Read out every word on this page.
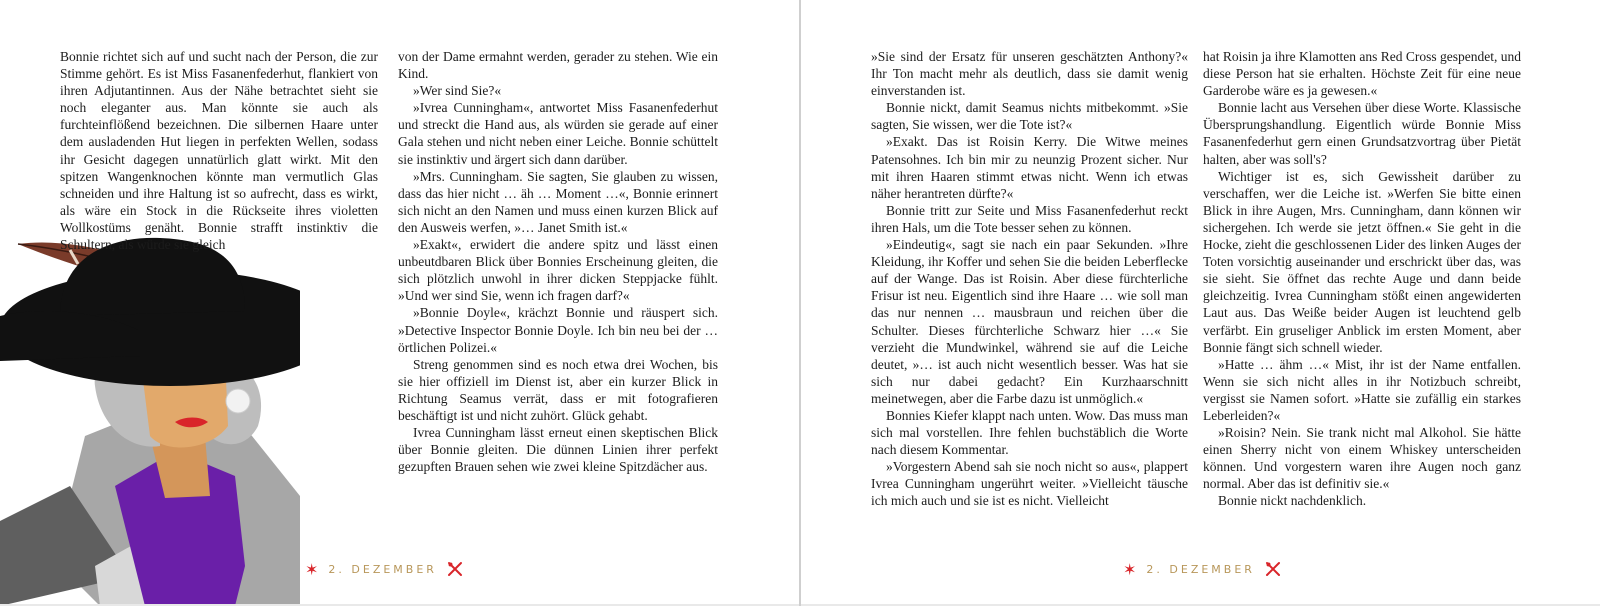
Bonnie richtet sich auf und sucht nach der Person, die zur Stimme gehört. Es ist Miss Fasanenfederhut, flankiert von ihren Adjutantinnen. Aus der Nähe betrachtet sieht sie noch eleganter aus. Man könnte sie auch als furchteinflößend bezeichnen. Die silbernen Haare unter dem ausladenden Hut liegen in perfekten Wellen, sodass ihr Gesicht dagegen unnatürlich glatt wirkt. Mit den spitzen Wangenknochen könnte man vermutlich Glas schneiden und ihre Haltung ist so aufrecht, dass es wirkt, als wäre ein Stock in die Rückseite ihres violetten Wollkostüms genäht. Bonnie strafft instinktiv die Schultern, als würde sie gleich

von der Dame ermahnt werden, gerader zu stehen. Wie ein Kind.

»Wer sind Sie?«

»Ivrea Cunningham«, antwortet Miss Fasanenfederhut und streckt die Hand aus, als würden sie gerade auf einer Gala stehen und nicht neben einer Leiche. Bonnie schüttelt sie instinktiv und ärgert sich dann darüber.

»Mrs. Cunningham. Sie sagten, Sie glauben zu wissen, dass das hier nicht … äh … Moment …«, Bonnie erinnert sich nicht an den Namen und muss einen kurzen Blick auf den Ausweis werfen, »… Janet Smith ist.«

»Exakt«, erwidert die andere spitz und lässt einen unbeutdbaren Blick über Bonnies Erscheinung gleiten, die sich plötzlich unwohl in ihrer dicken Steppjacke fühlt. »Und wer sind Sie, wenn ich fragen darf?«

»Bonnie Doyle«, krächzt Bonnie und räuspert sich. »Detective Inspector Bonnie Doyle. Ich bin neu bei der … örtlichen Polizei.«

Streng genommen sind es noch etwa drei Wochen, bis sie hier offiziell im Dienst ist, aber ein kurzer Blick in Richtung Seamus verrät, dass er mit fotografieren beschäftigt ist und nicht zuhört. Glück gehabt.

Ivrea Cunningham lässt erneut einen skeptischen Blick über Bonnie gleiten. Die dünnen Linien ihrer perfekt gezupften Brauen sehen wie zwei kleine Spitzdächer aus.

✶ 2. DEZEMBER

»Sie sind der Ersatz für unseren geschätzten Anthony?« Ihr Ton macht mehr als deutlich, dass sie damit wenig einverstanden ist.

Bonnie nickt, damit Seamus nichts mitbekommt. »Sie sagten, Sie wissen, wer die Tote ist?«

»Exakt. Das ist Roisin Kerry. Die Witwe meines Patensohnes. Ich bin mir zu neunzig Prozent sicher. Nur mit ihren Haaren stimmt etwas nicht. Wenn ich etwas näher herantreten dürfte?«

Bonnie tritt zur Seite und Miss Fasanenfederhut reckt ihren Hals, um die Tote besser sehen zu können.

»Eindeutig«, sagt sie nach ein paar Sekunden. »Ihre Kleidung, ihr Koffer und sehen Sie die beiden Leberflecke auf der Wange. Das ist Roisin. Aber diese fürchterliche Frisur ist neu. Eigentlich sind ihre Haare … wie soll man das nur nennen … mausbraun und reichen über die Schulter. Dieses fürchterliche Schwarz hier …« Sie verzieht die Mundwinkel, während sie auf die Leiche deutet, »… ist auch nicht wesentlich besser. Was hat sie sich nur dabei gedacht? Ein Kurzhaarschnitt meinetwegen, aber die Farbe dazu ist unmöglich.«

Bonnies Kiefer klappt nach unten. Wow. Das muss man sich mal vorstellen. Ihre fehlen buchstäblich die Worte nach diesem Kommentar.

»Vorgestern Abend sah sie noch nicht so aus«, plappert Ivrea Cunningham ungerührt weiter. »Vielleicht täusche ich mich auch und sie ist es nicht. Vielleicht

hat Roisin ja ihre Klamotten ans Red Cross gespendet, und diese Person hat sie erhalten. Höchste Zeit für eine neue Garderobe wäre es ja gewesen.«

Bonnie lacht aus Versehen über diese Worte. Klassische Übersprungshandlung. Eigentlich würde Bonnie Miss Fasanenfederhut gern einen Grundsatzvortrag über Pietät halten, aber was soll's?

Wichtiger ist es, sich Gewissheit darüber zu verschaffen, wer die Leiche ist. »Werfen Sie bitte einen Blick in ihre Augen, Mrs. Cunningham, dann können wir sichergehen. Ich werde sie jetzt öffnen.« Sie geht in die Hocke, zieht die geschlossenen Lider des linken Auges der Toten vorsichtig auseinander und erschrickt über das, was sie sieht. Sie öffnet das rechte Auge und dann beide gleichzeitig. Ivrea Cunningham stößt einen angewiderten Laut aus. Das Weiße beider Augen ist leuchtend gelb verfärbt. Ein gruseliger Anblick im ersten Moment, aber Bonnie fängt sich schnell wieder.

»Hatte … ähm …« Mist, ihr ist der Name entfallen. Wenn sie sich nicht alles in ihr Notizbuch schreibt, vergisst sie Namen sofort. »Hatte sie zufällig ein starkes Leberleiden?«

»Roisin? Nein. Sie trank nicht mal Alkohol. Sie hätte einen Sherry nicht von einem Whiskey unterscheiden können. Und vorgestern waren ihre Augen noch ganz normal. Aber das ist definitiv sie.«

Bonnie nickt nachdenklich.

✶ 2. DEZEMBER
